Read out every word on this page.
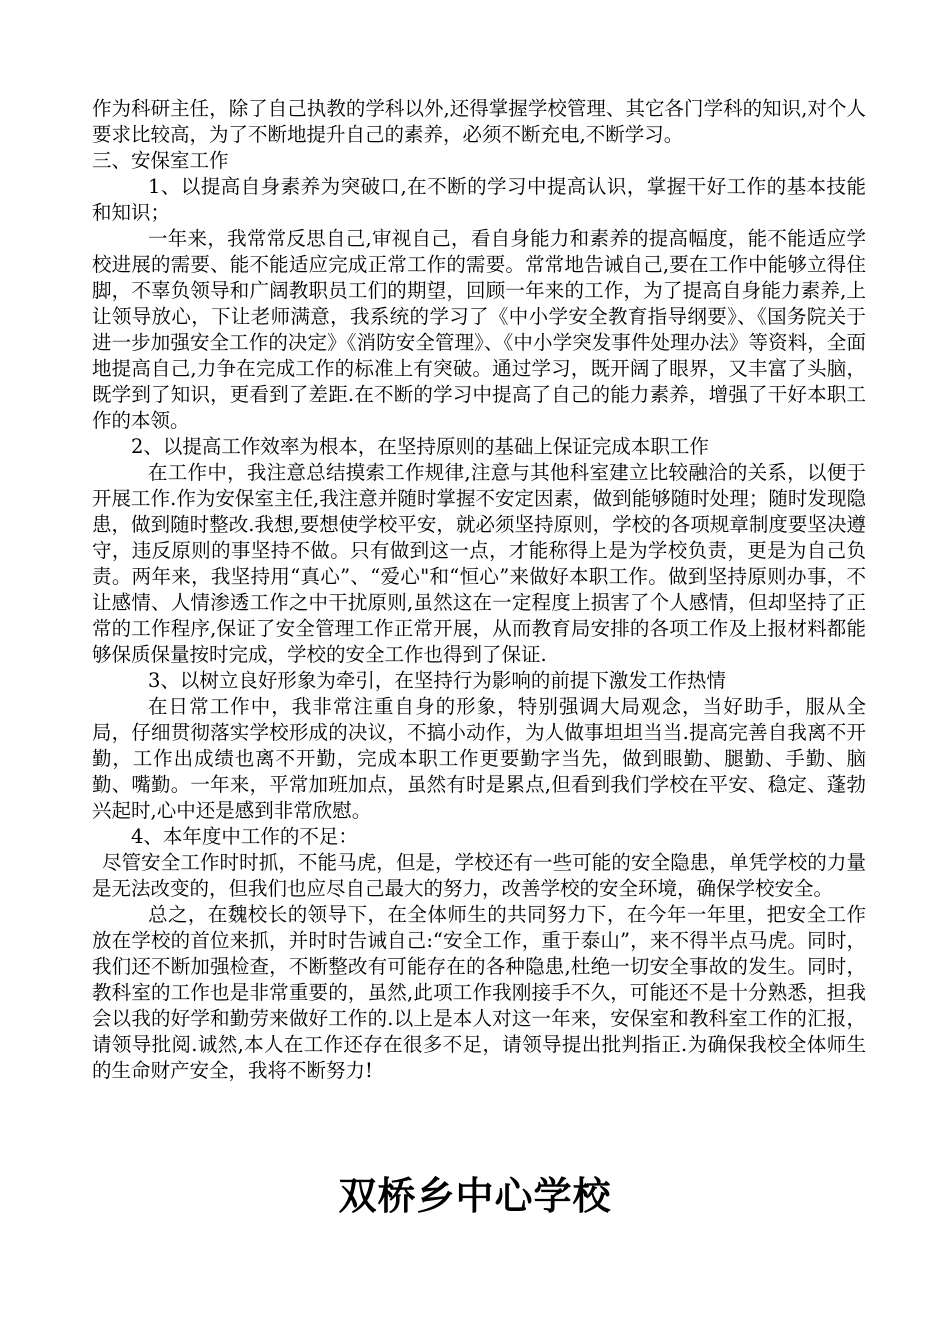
作为科研主任，除了自己执教的学科以外,还得掌握学校管理、其它各门学科的知识,对个人要求比较高，为了不断地提升自己的素养，必须不断充电,不断学习。

三、安保室工作

1、以提高自身素养为突破口,在不断的学习中提高认识，掌握干好工作的基本技能和知识；

一年来，我常常反思自己,审视自己，看自身能力和素养的提高幅度，能不能适应学校进展的需要、能不能适应完成正常工作的需要。常常地告诫自己,要在工作中能够立得住脚，不辜负领导和广阔教职员工们的期望，回顾一年来的工作，为了提高自身能力素养,上让领导放心，下让老师满意，我系统的学习了《中小学安全教育指导纲要》、《国务院关于进一步加强安全工作的决定》《消防安全管理》、《中小学突发事件处理办法》等资料，全面地提高自己,力争在完成工作的标准上有突破。通过学习，既开阔了眼界，又丰富了头脑，既学到了知识，更看到了差距.在不断的学习中提高了自己的能力素养，增强了干好本职工作的本领。

2、以提高工作效率为根本，在坚持原则的基础上保证完成本职工作

在工作中，我注意总结摸索工作规律,注意与其他科室建立比较融洽的关系，以便于开展工作.作为安保室主任,我注意并随时掌握不安定因素，做到能够随时处理；随时发现隐患，做到随时整改.我想,要想使学校平安，就必须坚持原则，学校的各项规章制度要坚决遵守，违反原则的事坚持不做。只有做到这一点，才能称得上是为学校负责，更是为自己负责。两年来，我坚持用“真心”、“爱心"和“恒心”来做好本职工作。做到坚持原则办事，不让感情、人情渗透工作之中干扰原则,虽然这在一定程度上损害了个人感情，但却坚持了正常的工作程序,保证了安全管理工作正常开展，从而教育局安排的各项工作及上报材料都能够保质保量按时完成，学校的安全工作也得到了保证.

3、以树立良好形象为牵引，在坚持行为影响的前提下激发工作热情

在日常工作中，我非常注重自身的形象，特别强调大局观念，当好助手，服从全局，仔细贯彻落实学校形成的决议，不搞小动作，为人做事坦坦当当.提高完善自我离不开勤，工作出成绩也离不开勤，完成本职工作更要勤字当先，做到眼勤、腿勤、手勤、脑勤、嘴勤。一年来，平常加班加点，虽然有时是累点,但看到我们学校在平安、稳定、蓬勃兴起时,心中还是感到非常欣慰。

4、本年度中工作的不足：

尽管安全工作时时抓，不能马虎，但是，学校还有一些可能的安全隐患，单凭学校的力量是无法改变的，但我们也应尽自己最大的努力，改善学校的安全环境，确保学校安全。

总之，在魏校长的领导下，在全体师生的共同努力下，在今年一年里，把安全工作放在学校的首位来抓，并时时告诫自己:“安全工作，重于泰山”，来不得半点马虎。同时，我们还不断加强检查，不断整改有可能存在的各种隐患,杜绝一切安全事故的发生。同时，教科室的工作也是非常重要的，虽然,此项工作我刚接手不久，可能还不是十分熟悉，担我会以我的好学和勤劳来做好工作的.以上是本人对这一年来，安保室和教科室工作的汇报，请领导批阅.诚然,本人在工作还存在很多不足，请领导提出批判指正.为确保我校全体师生的生命财产安全，我将不断努力!

双桥乡中心学校
